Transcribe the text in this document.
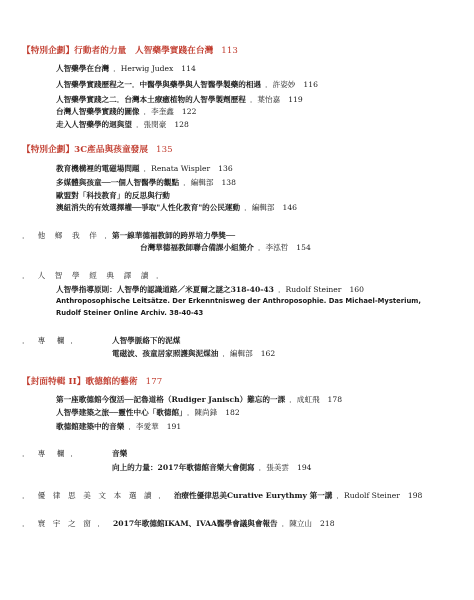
【特別企劃】行動者的力量　人智藥學實踐在台灣 113
人智藥學在台灣 ．Herwig Judex 114
人智藥學實踐歷程之一．中醫學與藥學與人智醫學製藥的相遇 ．許姿妙 116
人智藥學實踐之二．台灣本土療癒植物的人智學製劑歷程 ．葉怡嘉 119
台灣人智藥學實踐的圖像 ．李奎鑫 122
走入人智藥學的迴與望 ．張閔豪 128
【特別企劃】3C產品與孩童發展 135
教育機構裡的電磁場問題 ．Renata Wispler 136
多媒體與孩童──一個人智醫學的觀點 ．編輯部 138
歐盟對「科技教育」的反思與行動
澳紐消失的有效選擇權──爭取"人性化教育"的公民運動 ．編輯部 146
． 他 鄉 我 伴 ． 第一線華德福教師的跨界培力學獎──
台灣華德福教師聯合備課小組簡介 ．李泓哲 154
． 人 智 學 經 典 譯 讀 ．
人智學指導原則：人智學的認識道路／米夏爾之謎之318-40-43 ．Rudolf Steiner 160
Anthroposophische Leitsätze. Der Erkenntnisweg der Anthroposophie. Das Michael-Mysterium,
Rudolf Steiner Online Archiv. 38-40-43
． 專　欄 ．	人智學脈絡下的泥煤
電磁波、孩童居家照護與泥煤油 ．編輯部 162
【封面特輯 II】歌德館的藝術 177
第一座歌德館今復活──記魯道格（Rudiger Janisch）難忘的一課 ．成虹飛 178
人智學建築之旅──靈性中心「歌德館」 ．陳尚鋒 182
歌德館建築中的音樂 ．李愛華 191
． 專　欄 ．	音樂
向上的力量：2017年歌德館音樂大會側寫 ．張美雲 194
． 優 律 思 美 文 本 選 讀 ． 治療性優律思美Curative Eurythmy 第一講 ．Rudolf Steiner 198
． 寰 宇 之 窗 ． 2017年歌德館IKAM、IVAA醫學會議與會報告 ．陳立山 218
